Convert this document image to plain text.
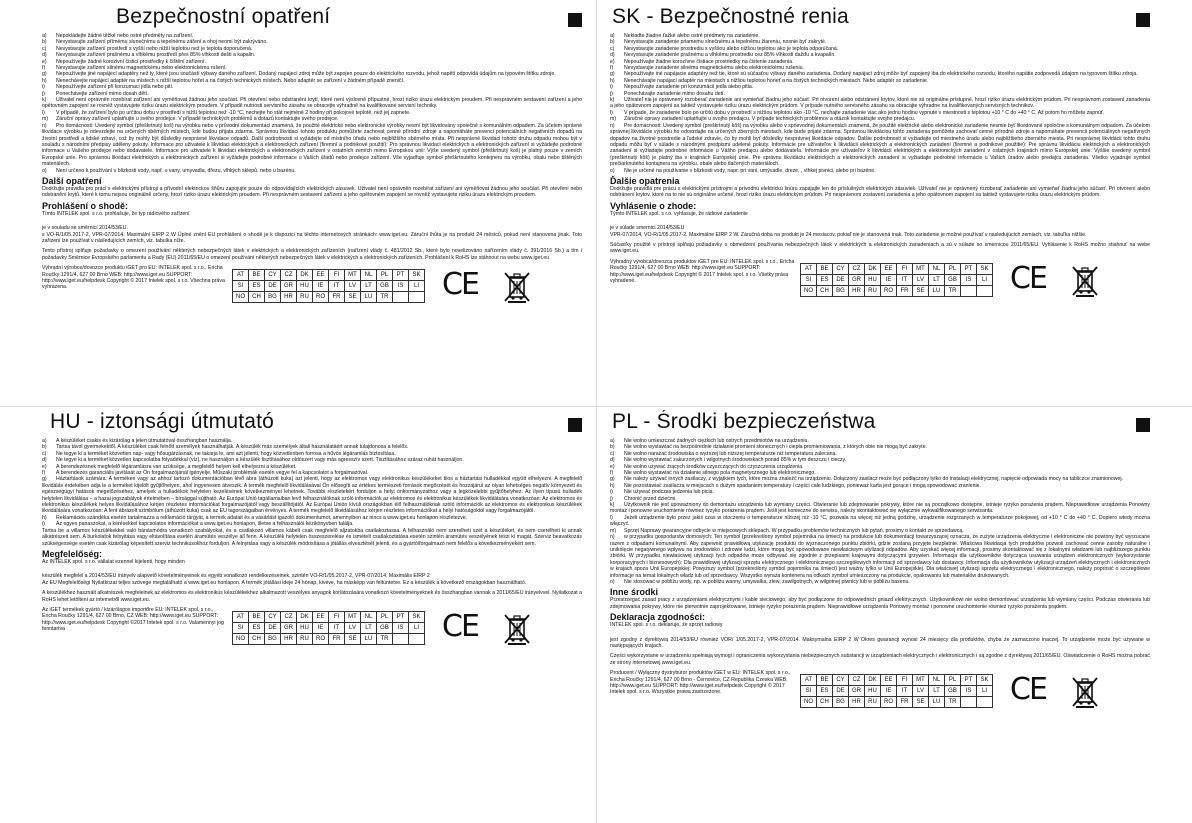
Bezpečnostní opatření
a) Nepokládejte žádné těžké nebo ostré předměty na zařízení.
b) Nevystavujte zařízení přímému slunečnímu a tepelnému záření a ohoj neomí být zakrýváno.
c) Nevystavujte zařízení prostředí s vyšší nebo nižší teplotou než je teplota doporučená.
d) Nevystavujte zařízení prašnému a vlhkému prostředí přes 85% vlhkosti dešti a kapalin.
e) Nepoužívejte žádné korozivní čisticí prostředky k čištění zařízení.
f) Nevystavujte zařízení silnému magnetickému nebo elektronickému rušení.
g) Nepoužívejte jiné napájecí adaptéry než ty, které jsou součástí výbavy daného zařízení. Dodaný napájecí zdroj může být zapojen pouze do elektrického rozvodu, jehož napětí odpovídá údajům na typovém štítku zdroje.
h) Nenechávejte napájecí adaptér na místech s nižší teplotou hořet a na čistých technických místech. Nebo adaptér se zařízení v žádném případě zneničí.
i) Nepoužívejte zařízení při konzumaci jídla nebo pití.
j) Ponechávejte zařízení mimo dosah dětí.
k) Uživatel není oprávněn rozebírat zařízení ani vyměňovat žádnou jeho součást. Při otevření nebo odstranění krytí, které není výslovně přípustné, hrozí riziko úrazu elektrickým proudem. Při nesprávném sestavení zařízení a jeho opětovném zapojení se rovněž vystavujete riziku úrazu elektrickým proudem. V případě nutnosti servisního zásahu se obracejte výhradně na kvalifikované servisní techniky.
l) V případě, že zařízení bylo po určitou dobu v prostředí s nižší teplotou než -10 °C, nechejte ho stát nejméně 2 hodiny při pokojové teplotě, než jej zapnete.
m) Záruční opravy zařízení uplatňujte u svého prodejce. V případě technických problémů a dotazů kontaktujte svého prodejce.
n) Pro domácnosti: Uvedený symbol (přeškrtnutý koš) na výrobku nebo v průvodní dokumentaci znamená, že použité elektrické nebo elektronické výrobky nesmí být likvidovány společně s komunálním odpadem. Za účelem správné likvidace výrobku je odevzdejte na určených sběrných místech, kde budou přijata zdarma. Správnou likvidací tohoto produktu pomůžete zachovat cenné přírodní zdroje a napomáháte prevenci potenciálních negativních dopadů na životní prostředí a lidské zdraví, což by mohly být důsledky nesprávné likvidace odpadů. Další podrobnosti si vyžádejte od místního úřadu nebo nejbližšího sběrného místa. Při nesprávné likvidaci tohoto druhu odpadu mohou být v souladu s národními předpisy uděleny pokuty. Informace pro uživatele k likvidaci elektrických a elektronických zařízení (firemní a podnikové použití): Pro správnou likvidaci elektrických a elektronických zařízení si vyžádejte podrobné informace u Vašeho prodejce nebo dodavatele. Informace pro uživatele k likvidaci elektrických a elektronických zařízení v ostatních zemích mimo Evropskou unii: Výše uvedený symbol (přeškrtnutý koš) je platný pouze v zemích Evropské unie. Pro správnou likvidaci elektrických a elektronických zařízení si vyžádejte podrobné informace u Vašich úřadů nebo prodejce zařízení. Vše vyjadřuje symbol přeškrtnutého kontejneru na výrobku, obalu nebo tištěných materiálech.
o) Není určeno k používání v blízkosti vody, např. u vany, umyvadla, dřezu, vlhkých sklepů, nebo u bazénu.
Další opatření

Dodržujte pravidla pro práci s elektrickými přístroji a přívodní elektrickou šňůru zapojujte pouze do odpovídajících elektrických zásuvek. Uživatel není oprávněn rozebírat zařízení ani vyměňovat žádnou jeho součást. Při otevření nebo odstranění krytů, které k tomu nejsou originálně určeny, hrozí riziko úrazu elektrickým proudem. Při nesprávném sestavení zařízení a jeho opětovném zapojení se rovněž vystavujete riziku úrazu elektrickým proudem.

Prohlášení o shodě:

Tímto INTELEK spol. s r.o. prohlašuje, že typ rádiového zařízení

je v souladu se směrnicí 2014/53/EU.

s VO-R/1/05.2017-2, VPR-07/2014. Maximální EIRP 2 W Úplné znění EU prohlášení o shodě je k dispozici na těchto internetových stránkách: www.iget.eu. Záruční lhůta je na produkt 24 měsíců, pokud není stanovena jinak. Toto zařízení lze používat v následujících zemích, viz. tabulka níže.

Tento přístroj splňuje požadavky o omezení používání některých nebezpečných látek v elektrických a elektronických zařízeních (nařízení vlády č. 481/2012 Sb., které bylo novelizováno nařízením vlády č. 391/2016 Sb.) a tím i požadavky Směrnice Evropského parlamentu a Rady (EU) 2011/65/EU o omezení používání některých nebezpečných látek v elektrických a elektronických zařízeních. Prohlášení k RoHS lze stáhnout na webu www.iget.eu

Výhradní výrobce/dovozce produktu iGET pro EU: INTELEK spol. s r.o., Ericha Roučky 1291/4, 627 00 Brno WEB: http://www.iget.eu SUPPORT: http://www.iget.eu/helpdesk Copyright © 2017 Intelek spol. s r.o. Všechna práva vyhrazena.
AT	BE	CY	CZ	DK	EE	FI	MT	NL	PL	PT	SK
SI	ES	DE	GR	HU	IE	IT	LV	LT	GB	IS	LI
NO	CH	BG	HR	RU	RO	FR	SE	LU	TR		CE
SK - Bezpečnostné renia
a) Nekladte žiadne ťažké alebo ostré predmety na zariadenie.
b) Nevystavujte zariadenie priamemu slnečnému a tepelnému žiareniu, nosnie byť zakryté.
c) Nevystavujte zariadenie prostrediu s vyššou alebo nižšou teplotou ako je teplota odporúčaná.
d) Nevystavujte zariadenie prašnému a vlhkému prostrediu cez 85% vlhkosti dažďu a kvapalín.
e) Nepoužívajte žiadne korozívne čistiace prostriedky na čistenie zariadenia.
f) Nevystavujte zariadenie silnému magnetickému alebo elektronickému rušeniu.
g) Nepoužívajte iné napájacie adaptéry než tie, ktoré sú súčasťou výbavy daného zariadenia. Dodaný napájací zdroj môže byť zapojený iba do elektrického rozvodu, ktorého napätie zodpovedá údajom na typovom štítku zdroja.
h) Nenechávajte napájací adaptér na miestach s nižšou teplotou horieť a na čistých technických miestach. Nebo adaptér so zariadenie.
i) Nepoužívajte zariadenie pri konzumácii jedla alebo pitia.
j) Ponechávajte zariadenie mimo dosahu detí.
k) Užívateľ nie je oprávnený rozoberať zariadenie ani vymieňať žiadnu jeho súčasť. Pri otvorení alebo odstránení krytov, ktoré nie sú originálne prístupné, hrozí riziko úrazu elektrickým prúdom. Pri nesprávnom zostavení zariadenia a jeho opätovnom zapojení sa taktiež vystavujete riziku úrazu elektrickým prúdom. V prípade nutného servisného zásahu sa obracajte výhradne na kvalifikovaných servisných technikov.
l) V prípade, že zariadenie bolo po určitú dobu v prostredí s nižšou teplotou ako -10 °C, nechajte zariadenie viac ako jednu hodinu vypnuté v miestnosti s teplotou +10 ° C do +40 ° C. Až potom ho môžete zapnúť.
m) Záručné opravy zariadení uplatňujte u svojho predajcu. V prípade technických problémov a otázok kontaktujte svojho predajcu.
n) Pre domácnosti: Uvedený symbol (preškrtnutý kôš) na výrobku alebo v sprievodnej dokumentácii znamená, že použité elektrické alebo elektronické zariadenie nesmie byť likvidované spoločne s komunálnym odpadom. Za účelom správnej likvidácie výrobku ho odovzdajte na určených zberných miestach, kde bude prijaté zdarma. Správnou likvidáciou tohto zariadenia pomôžete zachovať cenné prírodné zdroje a napomáhate prevencii potenciálnych negatívnych dopadov na životné prostredie a ľudské zdravie, čo by mohli byť dôsledky nesprávnej likvidácie odpadov. Ďalšie podrobnosti si vyžiadajte od miestneho úradu alebo najbližšieho zberného miesta. Pri nesprávnej likvidácii tohto druhu odpadu môžu byť v súlade s národnými predpismi udelené pokuty. Informácie pre užívateľov k likvidácii elektrických a elektronických zariadení (firemné a podnikové použitie): Pre správnu likvidáciu elektrických a elektronických zariadení si vyžiadajte podrobné informácie u Vášho predajcu alebo dodávateľa. Informácie pre užívateľov k likvidácii elektrických a elektronických zariadení v ostatných krajinách mimo Európskej únie: Vyššie uvedený symbol (preškrtnutý kôš) je platný iba v krajinách Európskej únie. Pre správnu likvidáciu elektrických a elektronických zariadení si vyžiadajte podrobné informácie u Vašich úradov alebo predajcu zariadenia. Všetko vyjadruje symbol prečiarknutého kontajnera na výrobku, obale alebo tlačených materiáloch.
o) Nie je určené na používanie v blízkosti vody, napr. pri vani, umývadle, dreze, , vlhkej pivnici, alebo pri bazéne.
Ďalšie opatrenia

Dodržujte pravidlá pre prácu s elektrickými prístrojmi a prívodnú elektrickú šnúru zapájajte len do príslušných elektrických zásuviek. Užívateľ nie je oprávnený rozoberať zariadenie ani vymieňať žiadnu jeho súčasť. Pri otvorení alebo odstránení krytov, ktoré na to nie sú originálne určené, hrozí riziko úrazu elektrickým prúdom. Pri nesprávnom zostavení zariadenia a jeho opätovnom zapojení sa taktiež vystavujete riziku úrazu elektrickým prúdom.

Vyhlásenie o zhode:

Týmto INTELEK spol. s r.o. vyhlasuje, že rádiové zariadenie

je v súlade smernici 2014/53/EU

VPR-07/2014, VO-R/1/05.2017-2. Maximálne EIRP 2 W. Záručná doba na produkt je 24 mesiacov, pokiaľ nie je stanovená inak. Toto zariadenie je možné používať v nasledujúcich zemiach, viz. tabuľka nižšie.

Súčasťky použité v prístroji spĺňajú požiadavky o obmedzení používania nebezpečných látok v elektrických a elektronických zariadeniach a sú v súlade so smernicou 2011/65/EU. Vyhlásenie k RoHS možno stiahnuť na webe www.iget.eu.

Výhradný výrobca/dovozca produktov iGET pre EU: INTELEK spol. s r.o., Ericha Roučky 1291/4, 627 00 Brno WEB: http://www.iget.eu SUPPORT: http://www.iget.eu/helpdesk Copyright © 2017 Intelek spol. s r.o. Všetky práva vyhradené.
AT	BE	CY	CZ	DK	EE	FI	MT	NL	PL	PT	SK
SI	ES	DE	GR	HU	IE	IT	LV	LT	GB	IS	LI
NO	CH	BG	HR	RU	RO	FR	SE	LU	TR		CE
HU - iztonsági útmutató
a) A készüléket csakis és kizárólag a jelen útmutatóval összhangban használja.
b) Tartsa távol gyermekektől. A készüléket csak felnőtt személyek használhatják. A készülék más személyek általi használatáért annak tulajdonosa a felelős.
c) Ne tegye ki a terméket közvetlen nap- vagy hősugárzásnak, ne takarja le, ami azt jelenti, hogy közvetlenben forrosa a hűvös légáramlás biztosítása.
d) Ne tegye ki a terméket közvetlen kapcsolatba folyadékkal (víz), ne használjon a készülék tisztításához oldószert vagy más agresszív szert. Tisztításához száraz ruhát használjon.
e) A berendezésnek megfelelő légáramlásra van szüksége, a megfelelő helyen kell elhelyezni a készüléket.
f) A berendezés garanciális javítását az Ön forgalmazójánál igényelje. Műszaki problémák esetén vegye fel a kapcsolatot a forgalmazóval.
g) Háztartások számára: A terméken vagy az ahhoz tartozó dokumentációban lévő ábra (áthúzott kuka) azt jelenti, hogy az elektromos vagy elektronikus készülékeket tilos a háztartási hulladékkal együtt elhelyezni. A megfelelő likvidálás érdekében adja le a terméket kijelölt gyűjtőhelyen, ahol ingyenesen átveszik. A termék megfelelő likvidálásával Ön elősegíti az értékes természeti források megőrzését és hozzájárul az olyan lehetséges negatív környezeti és egészségügyi hatások megelőzéséhez, amelyek a hulladékok helytelen kezelésének következményei lehetnek. További részletekért forduljon a helyi önkormányzathoz vagy a legközelebbi gyűjtőhelyhez. Az ilyen típusú hulladék helytelen likvidálása – a hazai jogszabályok értelmében – bírsággal sújtható. Az Európai Unió tagállamaiban levő felhasználóknak szóló információk az elektromos és elektronikus készülékek likvidálására vonatkozóan: Az elektromos és elektronikus készülékek helyes likvidálásához kérjen részletes információkat forgalmazójától vagy beszállítójától. Az Európai Unión kívüli országokban élő felhasználóknak szóló információk az elektromos és elektronikus készülékek likvidálására vonatkozóan: A fent ábrázolt szimbólum (áthúzott kuka) csak az EU tagországaiban érvényes. A termék megfelelő likvidálásához kérjen részletes információkat a helyi hatóságoktól vagy forgalmazójától.
h) Reklamációs szándéka esetén tartalmazza a reklamáció tárgyát, a termék adatait és a vásárlást igazoló dokumentumot, amennyiben az nincs a www.iget.eu honlapon részletezve.
i) Az egyes panaszokat, a kérésekkel kapcsolatos információkat a www.iget.eu honlapon, illetve a felhasználói kézikönyvben találja.

Tartsa be a villamos készülékekkel való bánásmódra vonatkozó szabályokat, és a csatlakozó villamos kábelt csak megfelelő aljzatokba csatlakoztassa. A felhasználó nem szerelheti szét a készüléket, és nem cserélheti ki annak alkatrészeit sem. A burkolatok felnyitása vagy eltávolítása esetén áramütés veszélye áll fenn. A készülék helytelen összeszerelése és ismételt csatlakoztatása esetén szintén áramütés veszélyének teszi ki magát. Szerviz beavatkozás szükségessége esetén csak kizárólag képesített szerviz technikusokhoz forduljon. A felnyitása vagy a készülék módosítása a jótállás elvesztését jelenti, és a gyártó/forgalmazó nem felelős a következményekért sem.

Megfelelőség:

Az INTELEK spol. s r.o. vállalat ezennel kijelenti, hogy minden

készülék megfelel a 2014/53/EU irányelv alapvető követelményeinek és egyéb vonatkozó rendelkezéseinek, szintén VO-R/1/05.2017-2, VPR-07/2014. Maximális EIRP 2

Az EU Megfelelőségi Nyilatkozat teljes szövege megtalálható a www.iget.eu honlapon. A termék jótállási ideje 24 hónap, kivéve, ha másképp van feltüntetve. Ez a készülék a következő országokban használható.

A készülékhez használt alkatrészek megfelelnek az elektromos és elektronikus készülékekhez alkalmazott veszélyes anyagok korlátozására vonatkozó követelményeknek és összhangban vannak a 2011/65/EU irányelvvel. Nyilatkozat a RoHS lehet letölteni az internetről www.iget.eu.

Az iGET termékek gyártó / kizárólagos importőre EU: INTELEK spol. s r.o., Ericha Roučky 1291/4, 627 00 Brno, CZ WEB: http://www.iget.eu SUPPORT: http://www.iget.eu/helpdesk Copyright ©2017 Intelek spol. s r.o. Valamennyi jog fenntartva
AT	BE	CY	CZ	DK	EE	FI	MT	NL	PL	PT	SK
SI	ES	DE	GR	HU	IE	IT	LV	LT	GB	IS	LI
NO	CH	BG	HR	RU	RO	FR	SE	LU	TR		CE
PL - Środki bezpieczeństwa
a) Nie wolno umieszczać żadnych ciężkich lub ostrych przedmiotów na urządzeniu.
b) Nie wolno wystawiać na bezpośrednie działanie promieni słonecznych i ciepła promieniowania, z których obie nie mogą być zakryte.
c) Nie wolno narażać środowiska o wyższej lub niższej temperaturze niż temperatura zalecana.
d) Nie wolno wystawiać zakurzonych i wilgotnych środowiskach ponad 85% w tym deszczu i cieczy.
e) Nie wolno używać żrących środków czyszczących do czyszczenia urządzenia.
f) Nie wolno wystawiać na działanie silnego pola magnetycznego lub elektronicznego.
g) Nie należy używać innych zasilaczy, z wyjątkiem tych, które można znaleźć na urządzeniu. Dołączony zasilacz może być podłączony tylko do instalacji elektrycznej, napięcie odpowiada mocy na tabliczce znamionowej.
h) Nie pozostawiać zasilacza w miejscach o dużym spadaniem temperatury i części całe ludzkiego, ponieważ karta jest gorące i mogą spowodować zranienie.
i) Nie używać podczas jedzenia lub picia.
j) Chronić przed dziećmi.
k) Użytkownik nie jest upoważniony do demontażu urządzenia lub wymiany części. Otwieranie lub zdejmowanie pokrywy, które nie są początkowo dostępne, istnieje ryzyko porażenia prądem. Nieprawidłowe urządzenia Ponowny montaż i ponowne uruchomienie również ryzyko porażenia prądem. Jeśli jest konieczne do serwisu, należy skontaktować się wyłącznie wykwalifikowanego serwisanta.
l) Jeżeli urządzenie było przez jakiś czas w otoczeniu o temperaturze niższej niż -10 °C, pozwala na więcej niż jedną godzinę, urządzenie rozgrzanych w temperaturze pokojowej, od +10 ° C do +40 ° C. Dopiero wtedy można włączyć.
m) Sprzęt Naprawy gwarancyjne odbycie w miejscowych sklepach. W przypadku problemów technicznych lub pytań, prosimy o kontakt ze sprzedawcą.
n) w przypadku gospodarstw domowych: Ten symbol (przekreślony symbol pojemnika na śmieci) na produkcie lub dokumentacji towarzyszącej oznacza, że zużyte urządzenia elektryczne i elektroniczne nie powinny być wyrzucane razem z odpadami komunalnymi. Aby zapewnić prawidłową utylizację produktu do wyznaczonego punktu zbiórki, gdzie zostaną przyjęte bezpłatnie. Właściwa likwidacja tych produktów pozwoli zachować cenne zasoby naturalne i uniknięcie negatywnego wpływu na środowisko i zdrowie ludzi, które mogą być spowodowane niewłaściwym utylizacji odpadów. Aby uzyskać więcej informacji, prosimy skontaktować się z lokalnymi władzami lub najbliższego punktu zbiórki. W przypadku niewłaściwej utylizacji tych odpadów może odbywać się zgodnie z przepisami krajowymi dotyczącymi grzywien. Informacja dla użytkowników dotycząca usuwania urządzeń elektronicznych (wykorzystanie korporacyjnych i biznesowych): Dla prawidłowej utylizacji sprzętu elektrycznego i elektronicznego szczegółowych informacji od sprzedawcy lub dostawcy. Informacja dla użytkowników utylizacji urządzeń elektrycznych i elektronicznych w krajach spoza Unii Europejskiej: Powyższy symbol (przekreślony symbol pojemnika na śmieci) jest ważny tylko w Unii Europejskiej. Dla właściwej utylizacji sprzętu elektrycznego i elektronicznego, należy poprosić o szczegółowe informacje na temat lokalnych władz lub od sprzedawcy. Wszystko wyraża kontenera na odkach symbol umieszczony na produkcie, opakowaniu lub materiałów drukowanych.
o) Nie stosować w pobliżu wody, np. w pobliżu wanny, umywalka, zlew, zawilgotnych, w wilgotnej piwnicy lub w pobliżu basenu.
Inne środki

Przestrzegać zasad pracy z urządzeniami elektrycznymi i kable sieciowego, aby być podłączone do odpowiednich gniazd elektrycznych. Użytkownikowi nie wolno demontować urządzenia lub wymiany części. Podczas otwierania lub zdejmowania pokrywy, które nie pierwotnie zaprojektowane, istnieje ryzyko porażenia prądem. Nieprawidłowe urządzenia Ponowny montaż i ponowne uruchomienie również ryzyko porażenia prądem.

Deklaracja zgodności:

INTELEK spol. s r.o. deklaruje, że sprzęt radiowy

jest zgodny z dyrektywą 2014/53/EU również VOR/ 1/05.2017-2, VPR-07/2014. Maksymalna EIRP 2 W Okres gwarancji wynosi 24 miesięcy dla produktów, chyba że zaznaczono inaczej. To urządzenie może być używane w następujących krajach.

Części wykorzystane w urządzeniu spełniają wymogi i ograniczenia wykorzystania niebezpiecznych substancji w urządzeniach elektrycznych i elektronicznych i są zgodne z dyrektywą 2011/65/EU. Oświadczenie o RoHS można pobrać ze strony internetowej www.iget.eu.

Producent / Wyłączny dystrybutor produktów iGET w EU: INTELEK spol. s r.o., Ericha Roučky 1291/4, 627 00 Brno - Černovice, CZ Republika Czeska WEB: http://www.iget.eu SUPPORT: http://www.iget.eu/helpdesk Copyright © 2017 Intelek spol. s r.o. Wszystkie prawa zastrzeżone.
AT	BE	CY	CZ	DK	EE	FI	MT	NL	PL	PT	SK
SI	ES	DE	GR	HU	IE	IT	LV	LT	GB	IS	LI
NO	CH	BG	HR	RU	RO	FR	SE	LU	TR		CE
